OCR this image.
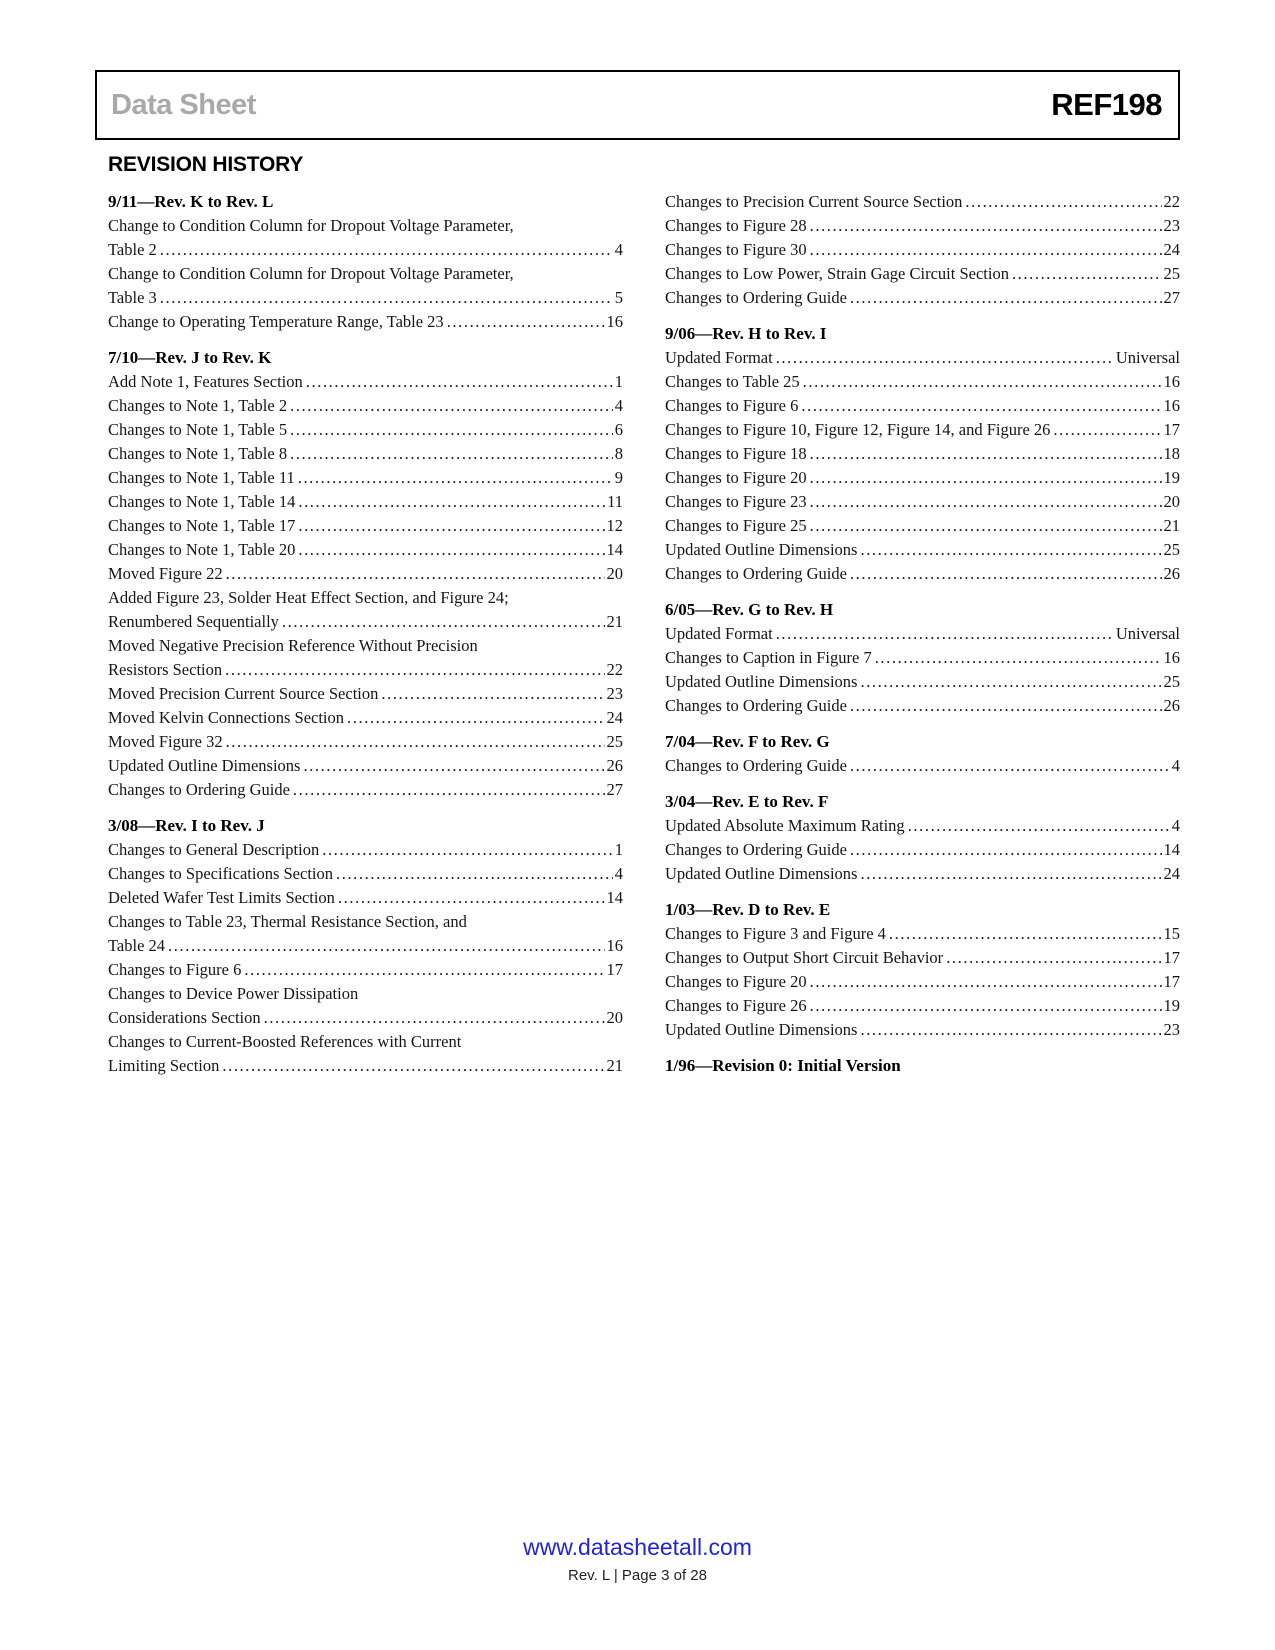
Data Sheet	REF198
REVISION HISTORY
9/11—Rev. K to Rev. L
Change to Condition Column for Dropout Voltage Parameter,
Table 2 .....	4
Change to Condition Column for Dropout Voltage Parameter,
Table 3 .....	5
Change to Operating Temperature Range, Table 23 .....	16
7/10—Rev. J to Rev. K
Add Note 1, Features Section .....	1
Changes to Note 1, Table 2 .....	4
Changes to Note 1, Table 5 .....	6
Changes to Note 1, Table 8 .....	8
Changes to Note 1, Table 11 .....	9
Changes to Note 1, Table 14 .....	11
Changes to Note 1, Table 17 .....	12
Changes to Note 1, Table 20 .....	14
Moved Figure 22 .....	20
Added Figure 23, Solder Heat Effect Section, and Figure 24;
Renumbered Sequentially .....	21
Moved Negative Precision Reference Without Precision
Resistors Section .....	22
Moved Precision Current Source Section .....	23
Moved Kelvin Connections Section .....	24
Moved Figure 32 .....	25
Updated Outline Dimensions .....	26
Changes to Ordering Guide .....	27
3/08—Rev. I to Rev. J
Changes to General Description .....	1
Changes to Specifications Section .....	4
Deleted Wafer Test Limits Section .....	14
Changes to Table 23, Thermal Resistance Section, and
Table 24 .....	16
Changes to Figure 6 .....	17
Changes to Device Power Dissipation
Considerations Section .....	20
Changes to Current-Boosted References with Current
Limiting Section .....	21
Changes to Precision Current Source Section .....	22
Changes to Figure 28 .....	23
Changes to Figure 30 .....	24
Changes to Low Power, Strain Gage Circuit Section .....	25
Changes to Ordering Guide .....	27
9/06—Rev. H to Rev. I
Updated Format .....	Universal
Changes to Table 25 .....	16
Changes to Figure 6 .....	16
Changes to Figure 10, Figure 12, Figure 14, and Figure 26 .....	17
Changes to Figure 18 .....	18
Changes to Figure 20 .....	19
Changes to Figure 23 .....	20
Changes to Figure 25 .....	21
Updated Outline Dimensions .....	25
Changes to Ordering Guide .....	26
6/05—Rev. G to Rev. H
Updated Format .....	Universal
Changes to Caption in Figure 7 .....	16
Updated Outline Dimensions .....	25
Changes to Ordering Guide .....	26
7/04—Rev. F to Rev. G
Changes to Ordering Guide .....	4
3/04—Rev. E to Rev. F
Updated Absolute Maximum Rating .....	4
Changes to Ordering Guide .....	14
Updated Outline Dimensions .....	24
1/03—Rev. D to Rev. E
Changes to Figure 3 and Figure 4 .....	15
Changes to Output Short Circuit Behavior .....	17
Changes to Figure 20 .....	17
Changes to Figure 26 .....	19
Updated Outline Dimensions .....	23
1/96—Revision 0: Initial Version
www.datasheetall.com
Rev. L | Page 3 of 28
